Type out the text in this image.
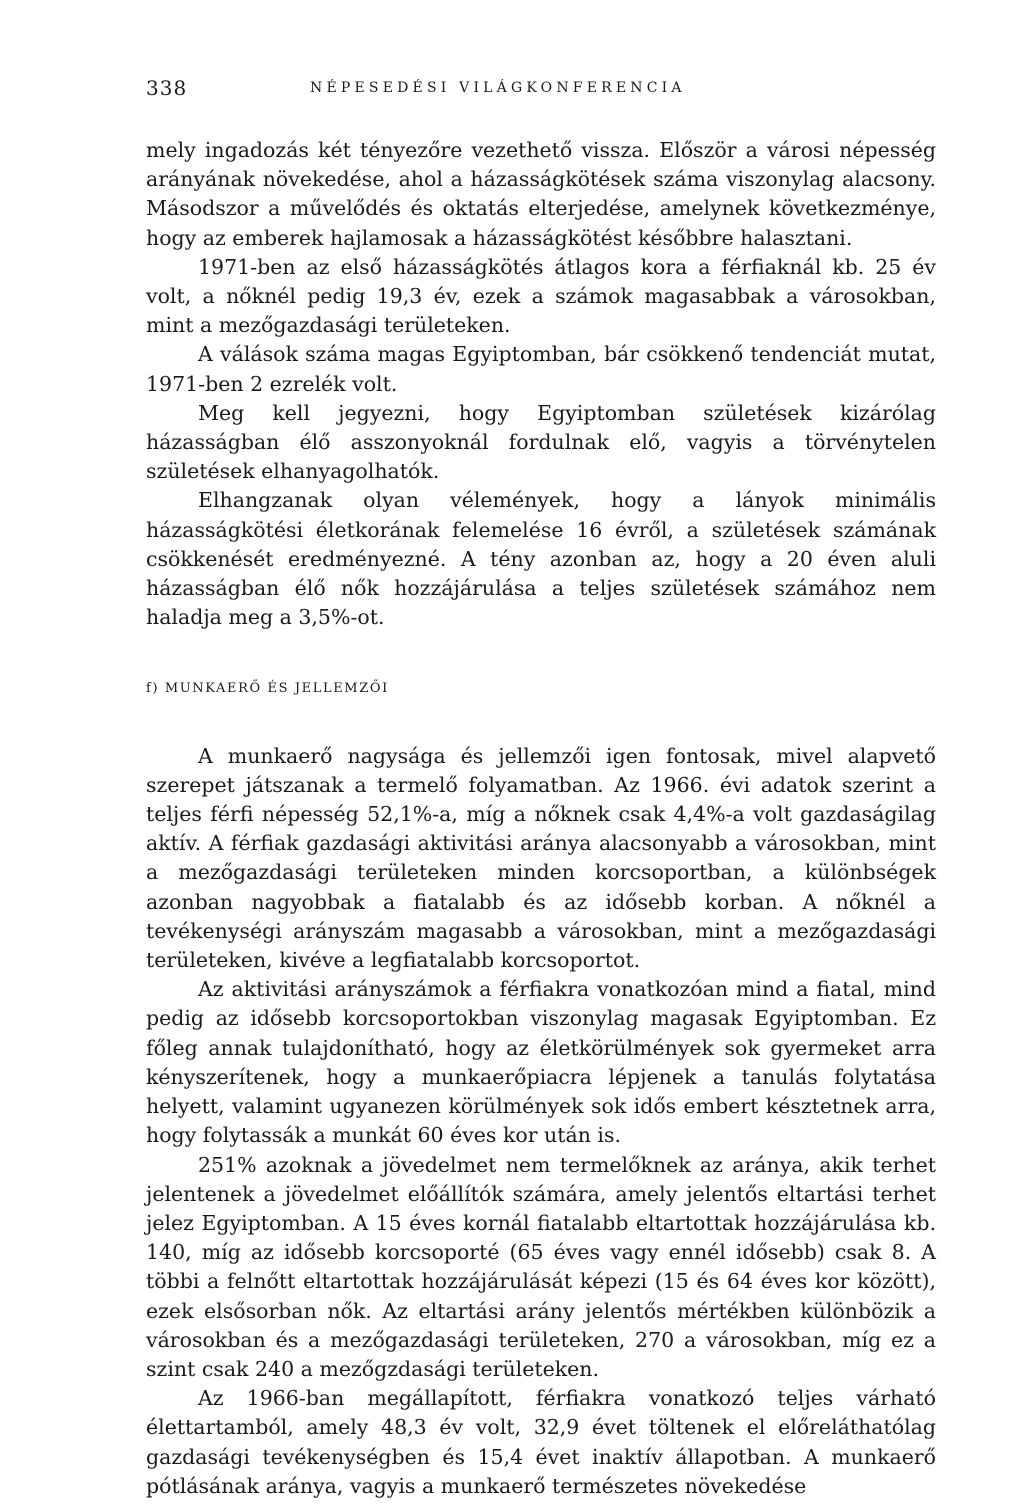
338	NÉPESEDÉSI VILÁGKONFERENCIA

mely ingadozás két tényezőre vezethető vissza. Először a városi népesség arányának növekedése, ahol a házasságkötések száma viszonylag alacsony. Másodszor a művelődés és oktatás elterjedése, amelynek következménye, hogy az emberek hajlamosak a házasságkötést későbbre halasztani.

1971-ben az első házasságkötés átlagos kora a férfiaknál kb. 25 év volt, a nőknél pedig 19,3 év, ezek a számok magasabbak a városokban, mint a mezőgazdasági területeken.

A válások száma magas Egyiptomban, bár csökkenő tendenciát mutat, 1971-ben 2 ezrelék volt.

Meg kell jegyezni, hogy Egyiptomban születések kizárólag házasságban élő asszonyoknál fordulnak elő, vagyis a törvénytelen születések elhanyagolhatók.

Elhangzanak olyan vélemények, hogy a lányok minimális házasságkötési életkorának felemelése 16 évről, a születések számának csökkenését eredményezné. A tény azonban az, hogy a 20 éven aluli házasságban élő nők hozzájárulása a teljes születések számához nem haladja meg a 3,5%-ot.

f) MUNKAERŐ ÉS JELLEMZŐI

A munkaerő nagysága és jellemzői igen fontosak, mivel alapvető szerepet játszanak a termelő folyamatban. Az 1966. évi adatok szerint a teljes férfi népesség 52,1%-a, míg a nőknek csak 4,4%-a volt gazdaságilag aktív. A férfiak gazdasági aktivitási aránya alacsonyabb a városokban, mint a mezőgazdasági területeken minden korcsoportban, a különbségek azonban nagyobbak a fiatalabb és az idősebb korban. A nőknél a tevékenységi arányszám magasabb a városokban, mint a mezőgazdasági területeken, kivéve a legfiatalabb korcsoportot.

Az aktivitási arányszámok a férfiakra vonatkozóan mind a fiatal, mind pedig az idősebb korcsoportokban viszonylag magasak Egyiptomban. Ez főleg annak tulajdonítható, hogy az életkörülmények sok gyermeket arra kényszerítenek, hogy a munkaerőpiacra lépjenek a tanulás folytatása helyett, valamint ugyanezen körülmények sok idős embert késztetnek arra, hogy folytassák a munkát 60 éves kor után is.

251% azoknak a jövedelmet nem termelőknek az aránya, akik terhet jelentenek a jövedelmet előállítók számára, amely jelentős eltartási terhet jelez Egyiptomban. A 15 éves kornál fiatalabb eltartottak hozzájárulása kb. 140, míg az idősebb korcsoporté (65 éves vagy ennél idősebb) csak 8. A többi a felnőtt eltartottak hozzájárulását képezi (15 és 64 éves kor között), ezek elsősorban nők. Az eltartási arány jelentős mértékben különbözik a városokban és a mezőgazdasági területeken, 270 a városokban, míg ez a szint csak 240 a mezőgzdasági területeken.

Az 1966-ban megállapított, férfiakra vonatkozó teljes várható élettartamból, amely 48,3 év volt, 32,9 évet töltenek el előreláthatólag gazdasági tevékenységben és 15,4 évet inaktív állapotban. A munkaerő pótlásának aránya, vagyis a munkaerő természetes növekedése
